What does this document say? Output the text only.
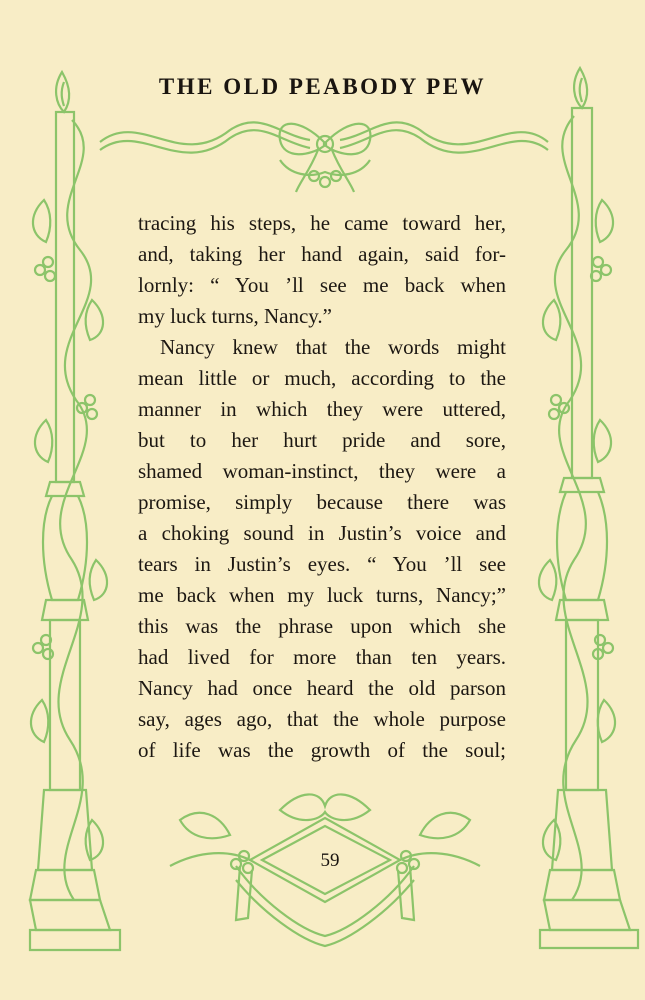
THE OLD PEABODY PEW
tracing his steps, he came toward her,
and, taking her hand again, said for-
lornly: “ You ’ll see me back when
my luck turns, Nancy.”
Nancy knew that the words might
mean little or much, according to the
manner in which they were uttered,
but to her hurt pride and sore,
shamed woman-instinct, they were a
promise, simply because there was
a choking sound in Justin’s voice and
tears in Justin’s eyes. “ You ’ll see
me back when my luck turns, Nancy;”
this was the phrase upon which she
had lived for more than ten years.
Nancy had once heard the old parson
say, ages ago, that the whole purpose
of life was the growth of the soul;
59
